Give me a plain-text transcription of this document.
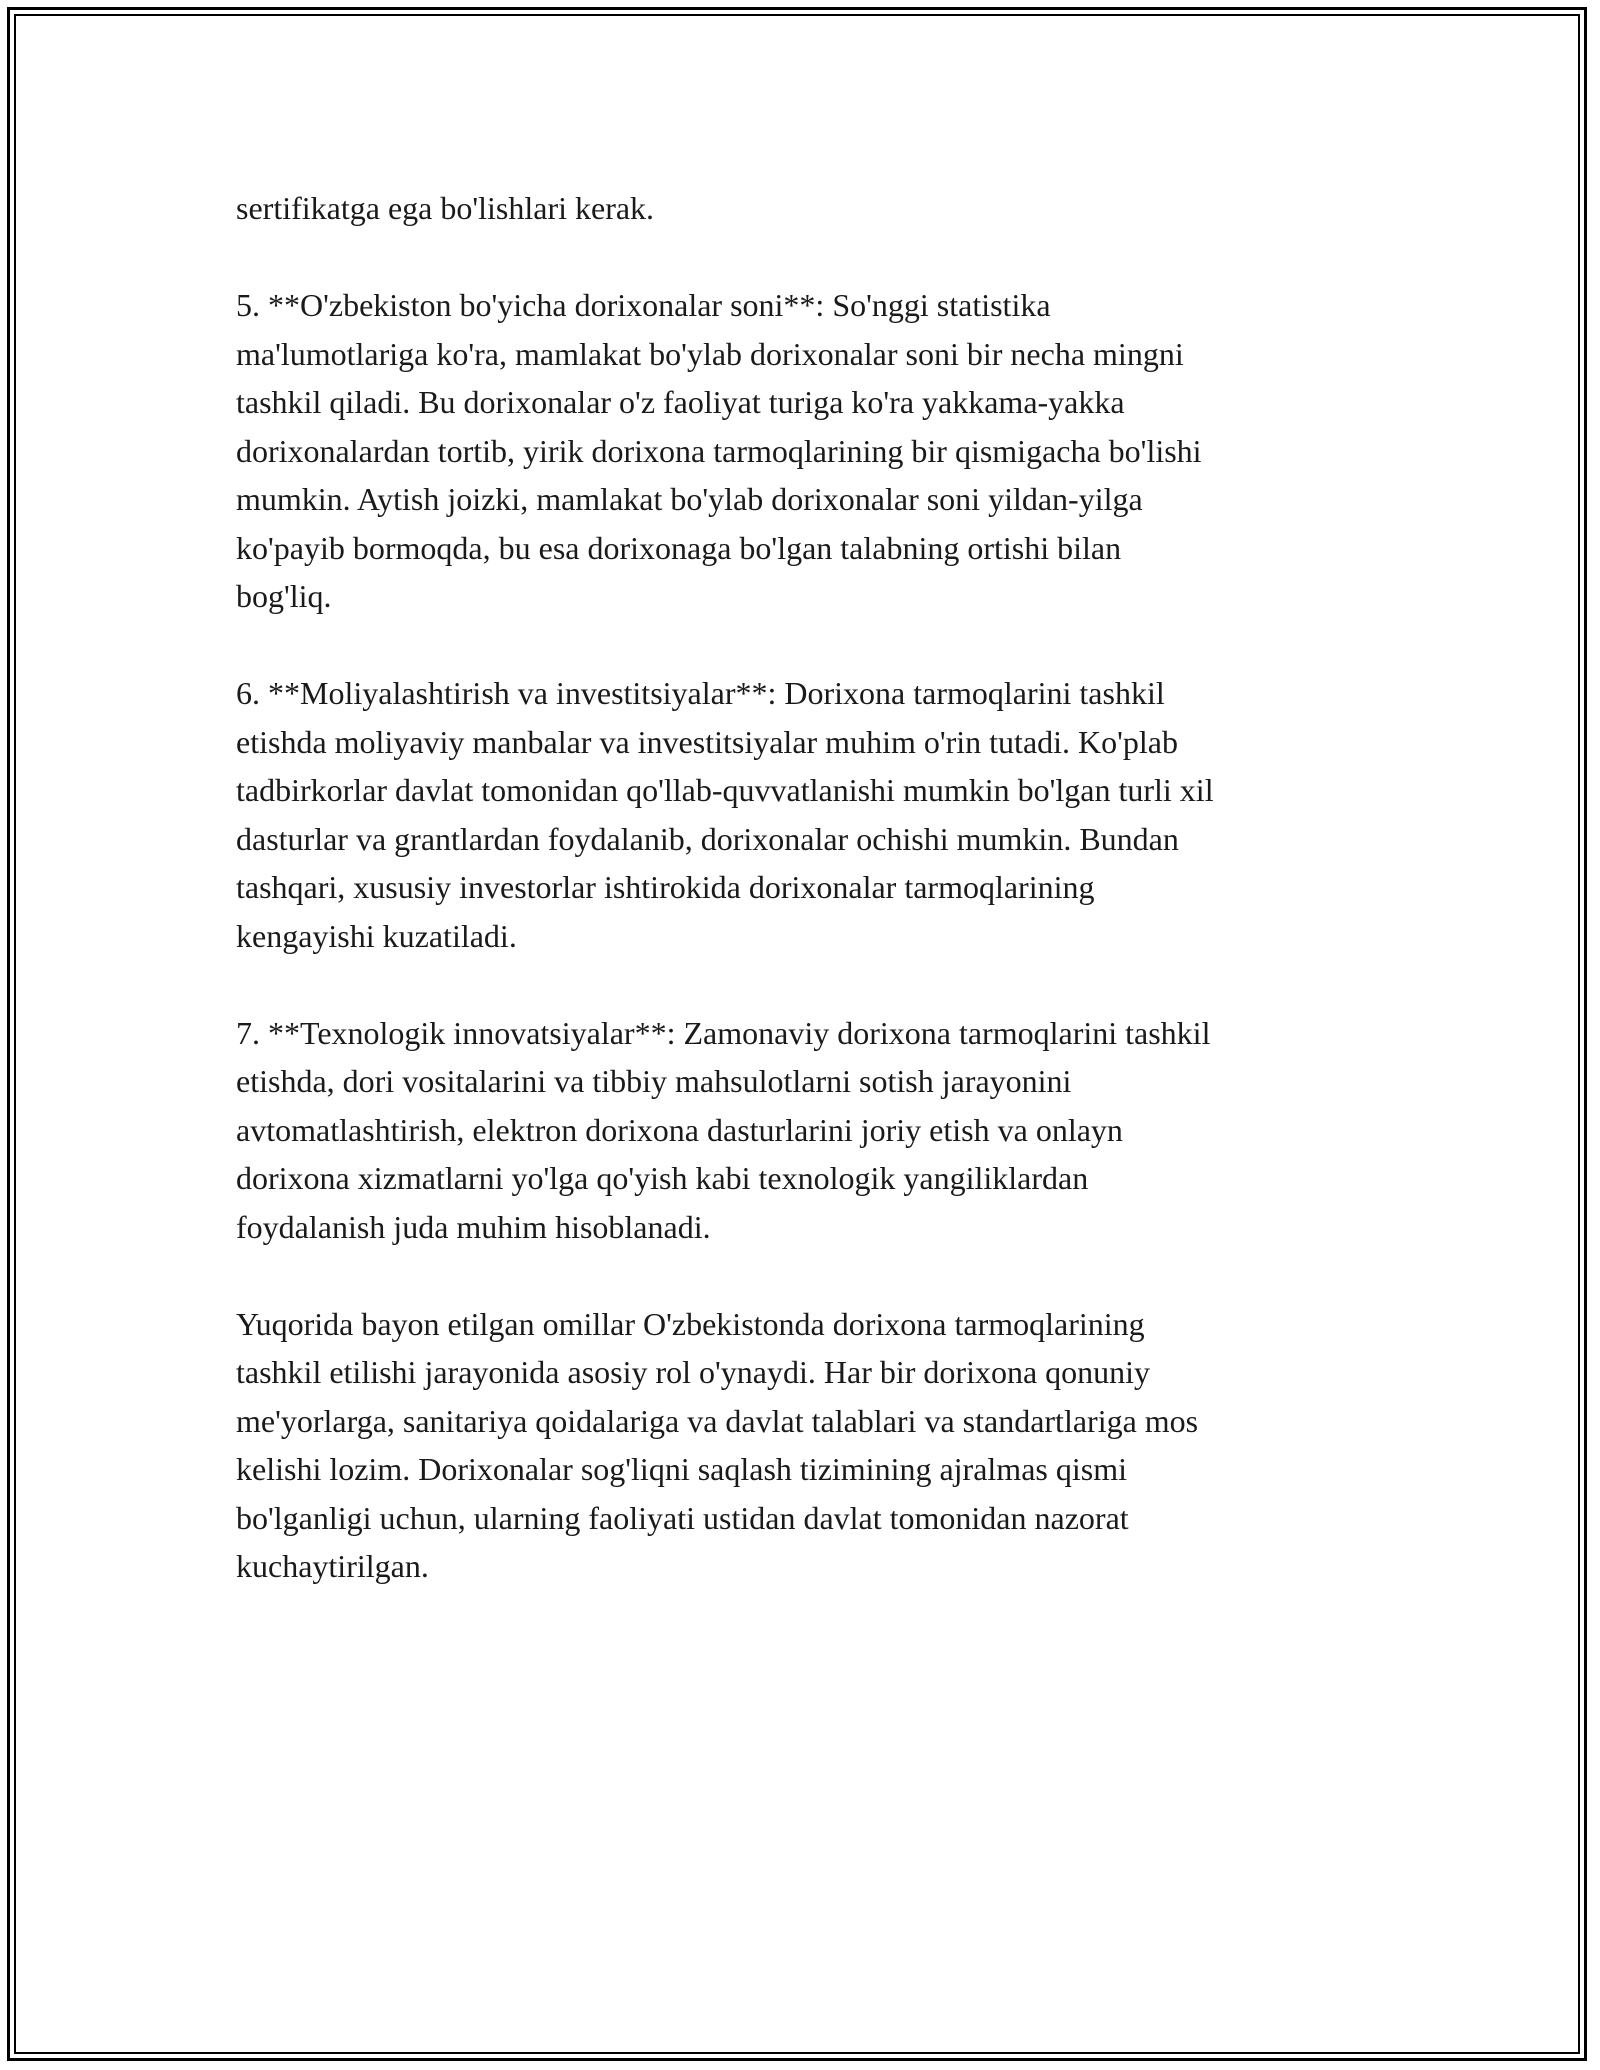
sertifikatga ega bo'lishlari kerak.

5. **O'zbekiston bo'yicha dorixonalar soni**: So'nggi statistika
ma'lumotlariga ko'ra, mamlakat bo'ylab dorixonalar soni bir necha mingni
tashkil qiladi. Bu dorixonalar o'z faoliyat turiga ko'ra yakkama-yakka
dorixonalardan tortib, yirik dorixona tarmoqlarining bir qismigacha bo'lishi
mumkin. Aytish joizki, mamlakat bo'ylab dorixonalar soni yildan-yilga
ko'payib bormoqda, bu esa dorixonaga bo'lgan talabning ortishi bilan
bog'liq.

6. **Moliyalashtirish va investitsiyalar**: Dorixona tarmoqlarini tashkil
etishda moliyaviy manbalar va investitsiyalar muhim o'rin tutadi. Ko'plab
tadbirkorlar davlat tomonidan qo'llab-quvvatlanishi mumkin bo'lgan turli xil
dasturlar va grantlardan foydalanib, dorixonalar ochishi mumkin. Bundan
tashqari, xususiy investorlar ishtirokida dorixonalar tarmoqlarining
kengayishi kuzatiladi.

7. **Texnologik innovatsiyalar**: Zamonaviy dorixona tarmoqlarini tashkil
etishda, dori vositalarini va tibbiy mahsulotlarni sotish jarayonini
avtomatlashtirish, elektron dorixona dasturlarini joriy etish va onlayn
dorixona xizmatlarni yo'lga qo'yish kabi texnologik yangiliklardan
foydalanish juda muhim hisoblanadi.

Yuqorida bayon etilgan omillar O'zbekistonda dorixona tarmoqlarining
tashkil etilishi jarayonida asosiy rol o'ynaydi. Har bir dorixona qonuniy
me'yorlarga, sanitariya qoidalariga va davlat talablari va standartlariga mos
kelishi lozim. Dorixonalar sog'liqni saqlash tizimining ajralmas qismi
bo'lganligi uchun, ularning faoliyati ustidan davlat tomonidan nazorat
kuchaytirilgan.
